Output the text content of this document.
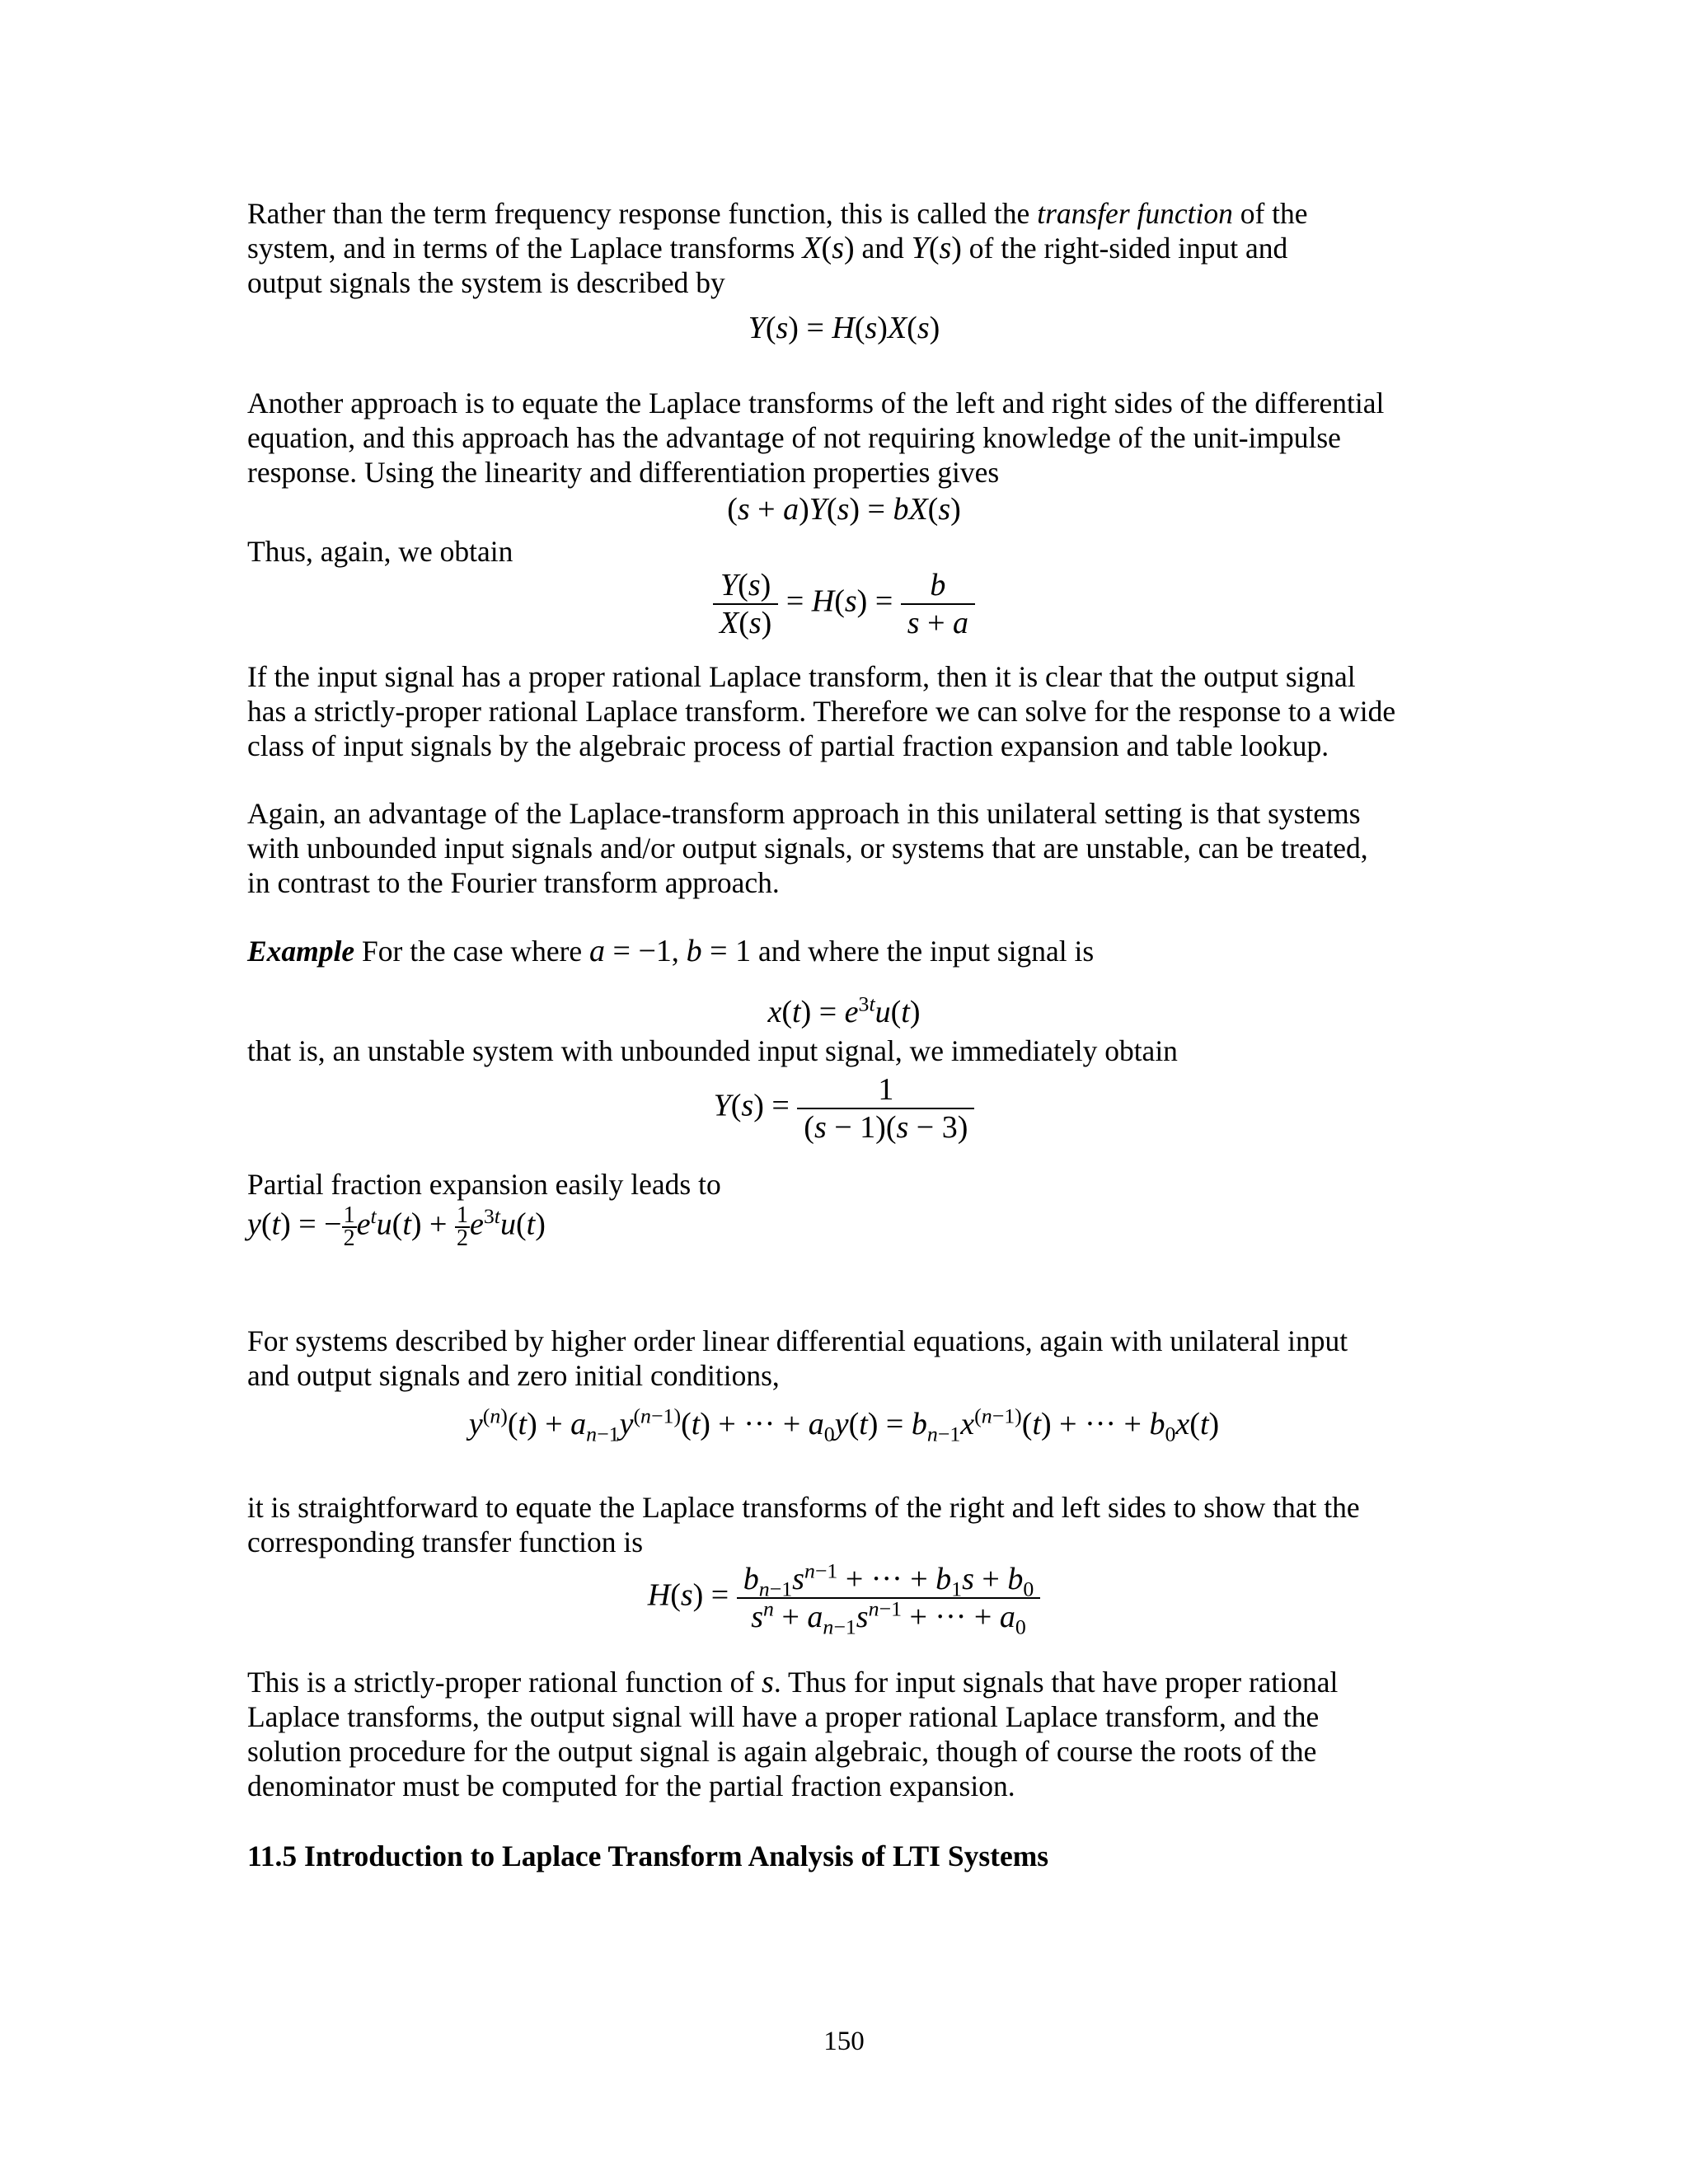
Rather than the term frequency response function, this is called the transfer function of the
system, and in terms of the Laplace transforms X(s) and Y(s) of the right-sided input and
output signals the system is described by

Y(s) = H(s)X(s)

Another approach is to equate the Laplace transforms of the left and right sides of the differential
equation, and this approach has the advantage of not requiring knowledge of the unit-impulse
response. Using the linearity and differentiation properties gives

(s + a)Y(s) = bX(s)

Thus, again, we obtain

$\frac{Y(s)}{X(s)} = H(s) = \frac{b}{s + a}$

If the input signal has a proper rational Laplace transform, then it is clear that the output signal
has a strictly-proper rational Laplace transform. Therefore we can solve for the response to a wide
class of input signals by the algebraic process of partial fraction expansion and table lookup.

Again, an advantage of the Laplace-transform approach in this unilateral setting is that systems
with unbounded input signals and/or output signals, or systems that are unstable, can be treated,
in contrast to the Fourier transform approach.

Example For the case where a = −1, b = 1 and where the input signal is

$x(t) = e^{3t}u(t)$

that is, an unstable system with unbounded input signal, we immediately obtain

$Y(s) = \frac{1}{(s - 1)(s - 3)}$

Partial fraction expansion easily leads to

y(t) = − $\frac{1}{2} e^tu(t) + \frac{1}{2} e^{3t}u(t)$

For systems described by higher order linear differential equations, again with unilateral input
and output signals and zero initial conditions,

$y^{(n)}(t) + a_{n-1}y^{(n-1)}(t)$ + ··· + $a_0y(t) = b_{n-1}x^{(n-1)}(t)$ + ··· + $b_0x(t)$

it is straightforward to equate the Laplace transforms of the right and left sides to show that the
corresponding transfer function is

$H(s) = \frac{b_{n-1}s^{n-1} + \cdot\cdot\cdot + b_1s + b_0}{s^n + a_{n-1}s^{n-1} + \cdot\cdot\cdot + a_0}$

This is a strictly-proper rational function of s. Thus for input signals that have proper rational
Laplace transforms, the output signal will have a proper rational Laplace transform, and the
solution procedure for the output signal is again algebraic, though of course the roots of the
denominator must be computed for the partial fraction expansion.

11.5 Introduction to Laplace Transform Analysis of LTI Systems
150
